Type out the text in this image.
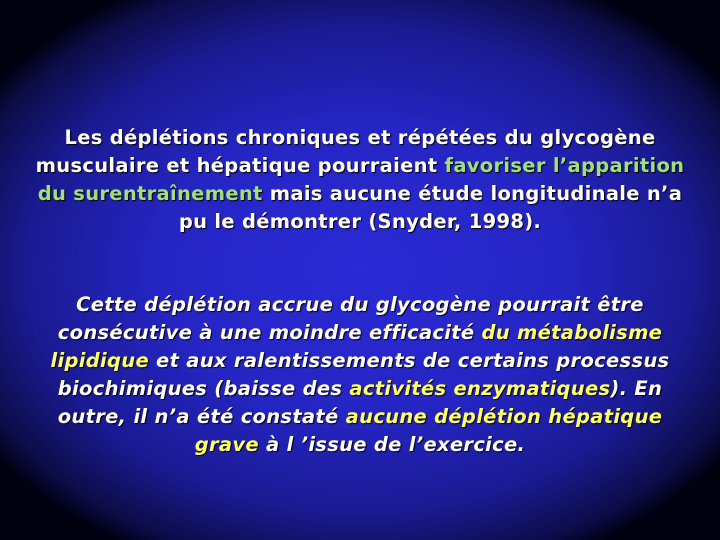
Les déplétions chroniques et répétées du glycogène musculaire et hépatique pourraient favoriser l’apparition du surentraînement mais aucune étude longitudinale n’a pu le démontrer (Snyder, 1998).

Cette déplétion accrue du glycogène pourrait être consécutive à une moindre efficacité du métabolisme lipidique et aux ralentissements de certains processus biochimiques (baisse des activités enzymatiques). En outre, il n’a été constaté aucune déplétion hépatique grave à l ’issue de l’exercice.
